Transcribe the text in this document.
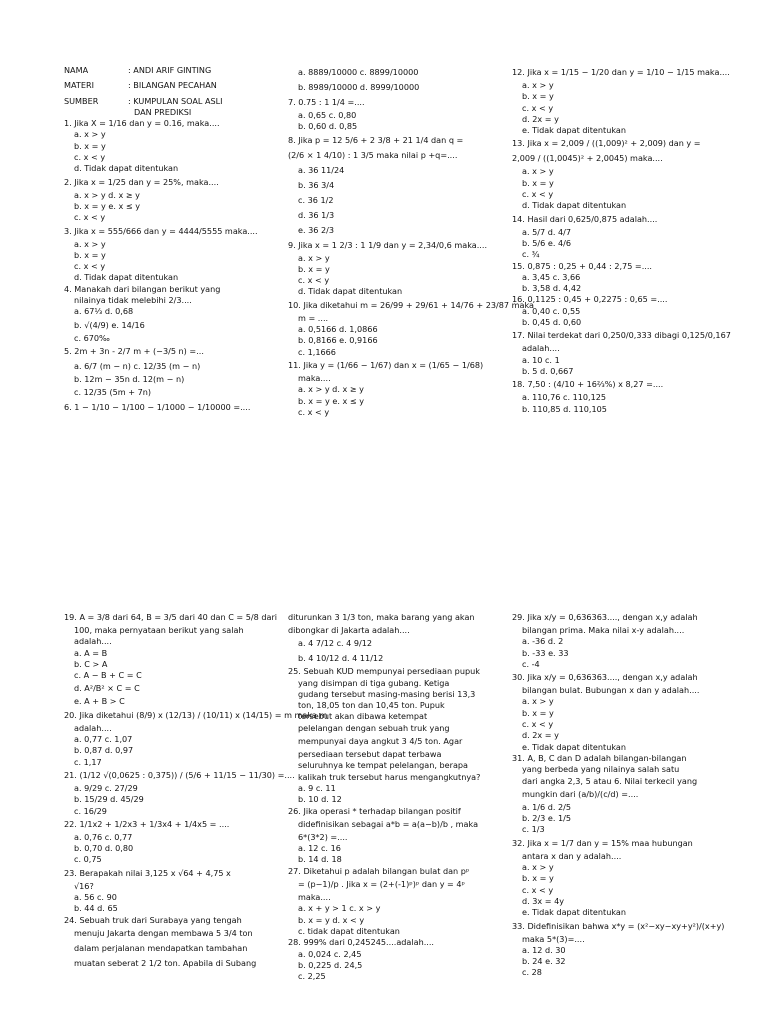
NAMA	: ANDI ARIF GINTING
MATERI	: BILANGAN PECAHAN
SUMBER	: KUMPULAN SOAL ASLI
DAN PREDIKSI
1. Jika X = 1/16 dan y = 0.16, maka....
a. x > y
b. x = y
c. x < y
d. Tidak dapat ditentukan
2. Jika x = 1/25 dan y = 25%, maka....
a. x > y d. x ≥ y
b. x = y e. x ≤ y
c. x < y
3. Jika x = 555/666 dan y = 4444/5555 maka....
a. x > y
b. x = y
c. x < y
d. Tidak dapat ditentukan
4. Manakah dari bilangan berikut yang
nilainya tidak melebihi 2/3....
a. 67⅓ d. 0,68
b. √(4/9) e. 14/16
c. 670‰
5. 2m + 3n - 2/7 m + (−3/5 n) =...
a. 6/7 (m − n) c. 12/35 (m − n)
b. 12m − 35n d. 12(m − n)
c. 12/35 (5m + 7n)
6. 1 − 1/10 − 1/100 − 1/1000 − 1/10000 =....
a. 8889/10000 c. 8899/10000
b. 8989/10000 d. 8999/10000
7. 0.75 : 1 1/4 =....
a. 0,65 c. 0,80
b. 0,60 d. 0,85
8. Jika p = 12 5/6 + 2 3/8 + 21 1/4 dan q =
(2/6 × 1 4/10) : 1 3/5 maka nilai p +q=....
a. 36 11/24
b. 36 3/4
c. 36 1/2
d. 36 1/3
e. 36 2/3
9. Jika x = 1 2/3 : 1 1/9 dan y = 2,34/0,6 maka....
a. x > y
b. x = y
c. x < y
d. Tidak dapat ditentukan
10. Jika diketahui m = 26/99 + 29/61 + 14/76 + 23/87 maka
m = ....
a. 0,5166 d. 1,0866
b. 0,8166 e. 0,9166
c. 1,1666
11. Jika y = (1/66 − 1/67) dan x = (1/65 − 1/68)
maka....
a. x > y d. x ≥ y
b. x = y e. x ≤ y
c. x < y
12. Jika x = 1/15 − 1/20 dan y = 1/10 − 1/15 maka....
a. x > y
b. x = y
c. x < y
d. 2x = y
e. Tidak dapat ditentukan
13. Jika x = 2,009 / ((1,009)² + 2,009) dan y =
2,009 / ((1,0045)² + 2,0045) maka....
a. x > y
b. x = y
c. x < y
d. Tidak dapat ditentukan
14. Hasil dari 0,625/0,875 adalah....
a. 5/7 d. 4/7
b. 5/6 e. 4/6
c. ¾
15. 0,875 : 0,25 + 0,44 : 2,75 =....
a. 3,45 c. 3,66
b. 3,58 d. 4,42
16. 0,1125 : 0,45 + 0,2275 : 0,65 =....
a. 0,40 c. 0,55
b. 0,45 d. 0,60
17. Nilai terdekat dari 0,250/0,333 dibagi 0,125/0,167
adalah....
a. 10 c. 1
b. 5 d. 0,667
18. 7,50 : (4/10 + 16⅔%) x 8,27 =....
a. 110,76 c. 110,125
b. 110,85 d. 110,105
19. A = 3/8 dari 64, B = 3/5 dari 40 dan C = 5/8 dari
100, maka pernyataan berikut yang salah
adalah....
a. A = B
b. C > A
c. A − B + C = C
d. A²/B² × C = C
e. A + B > C
20. Jika diketahui (8/9) x (12/13) / (10/11) x (14/15) = m maka m
adalah....
a. 0,77 c. 1,07
b. 0,87 d. 0,97
c. 1,17
21. (1/12 √(0,0625 : 0,375)) / (5/6 + 11/15 − 11/30) =....
a. 9/29 c. 27/29
b. 15/29 d. 45/29
c. 16/29
22. 1/1x2 + 1/2x3 + 1/3x4 + 1/4x5 = ....
a. 0,76 c. 0,77
b. 0,70 d. 0,80
c. 0,75
23. Berapakah nilai 3,125 x √64 + 4,75 x
√16?
a. 56 c. 90
b. 44 d. 65
24. Sebuah truk dari Surabaya yang tengah
menuju Jakarta dengan membawa 5 3/4 ton
dalam perjalanan mendapatkan tambahan
muatan seberat 2 1/2 ton. Apabila di Subang
diturunkan 3 1/3 ton, maka barang yang akan
dibongkar di Jakarta adalah....
a. 4 7/12 c. 4 9/12
b. 4 10/12 d. 4 11/12
25. Sebuah KUD mempunyai persediaan pupuk
yang disimpan di tiga gubang. Ketiga
gudang tersebut masing-masing berisi 13,3
ton, 18,05 ton dan 10,45 ton. Pupuk
tersebut akan dibawa ketempat
pelelangan dengan sebuah truk yang
mempunyai daya angkut 3 4/5 ton. Agar
persediaan tersebut dapat terbawa
seluruhnya ke tempat pelelangan, berapa
kalikah truk tersebut harus mengangkutnya?
a. 9 c. 11
b. 10 d. 12
26. Jika operasi * terhadap bilangan positif
didefinisikan sebagai a*b = a(a−b)/b , maka
6*(3*2) =....
a. 12 c. 16
b. 14 d. 18
27. Diketahui p adalah bilangan bulat dan pᵖ
= (p−1)/p . Jika x = (2+(-1)ᵖ)ᵖ dan y = 4ᵖ
maka....
a. x + y > 1 c. x > y
b. x = y d. x < y
c. tidak dapat ditentukan
28. 999% dari 0,245245....adalah....
a. 0,024 c. 2,45
b. 0,225 d. 24,5
c. 2,25
29. Jika x/y = 0,636363...., dengan x,y adalah
bilangan prima. Maka nilai x-y adalah....
a. -36 d. 2
b. -33 e. 33
c. -4
30. Jika x/y = 0,636363...., dengan x,y adalah
bilangan bulat. Bubungan x dan y adalah....
a. x > y
b. x = y
c. x < y
d. 2x = y
e. Tidak dapat ditentukan
31. A, B, C dan D adalah bilangan-bilangan
yang berbeda yang nilainya salah satu
dari angka 2,3, 5 atau 6. Nilai terkecil yang
mungkin dari (a/b)/(c/d) =....
a. 1/6 d. 2/5
b. 2/3 e. 1/5
c. 1/3
32. Jika x = 1/7 dan y = 15% maa hubungan
antara x dan y adalah....
a. x > y
b. x = y
c. x < y
d. 3x = 4y
e. Tidak dapat ditentukan
33. Didefinisikan bahwa x*y = (x²−xy−xy+y²)/(x+y)
maka 5*(3)=....
a. 12 d. 30
b. 24 e. 32
c. 28
